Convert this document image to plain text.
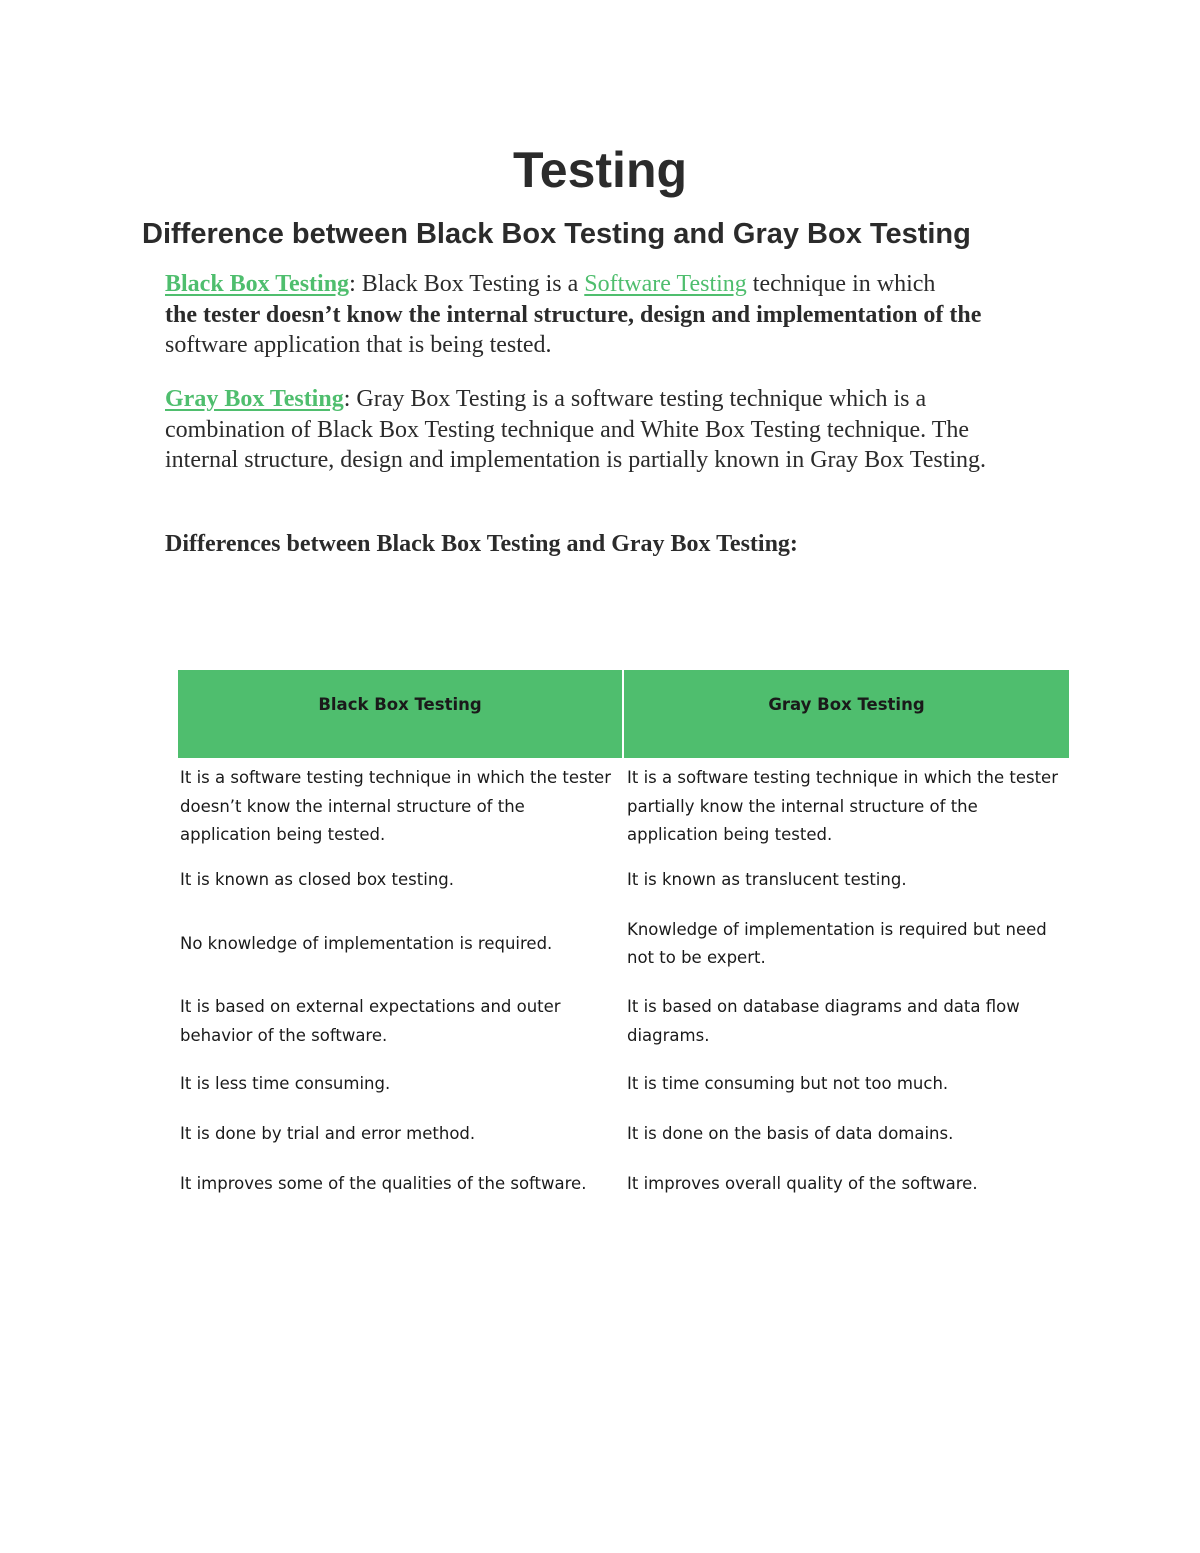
Testing
Difference between Black Box Testing and Gray Box Testing

Black Box Testing: Black Box Testing is a Software Testing technique in which
the tester doesn’t know the internal structure, design and implementation of the
software application that is being tested.

Gray Box Testing: Gray Box Testing is a software testing technique which is a combination of Black Box Testing technique and White Box Testing technique. The internal structure, design and implementation is partially known in Gray Box Testing.

Differences between Black Box Testing and Gray Box Testing:
Black Box Testing	Gray Box Testing
It is a software testing technique in which the tester doesn’t know the internal structure of the application being tested.	It is a software testing technique in which the tester partially know the internal structure of the application being tested.
It is known as closed box testing.	It is known as translucent testing.
No knowledge of implementation is required.	Knowledge of implementation is required but need not to be expert.
It is based on external expectations and outer behavior of the software.	It is based on database diagrams and data flow diagrams.
It is less time consuming.	It is time consuming but not too much.
It is done by trial and error method.	It is done on the basis of data domains.
It improves some of the qualities of the software.	It improves overall quality of the software.
